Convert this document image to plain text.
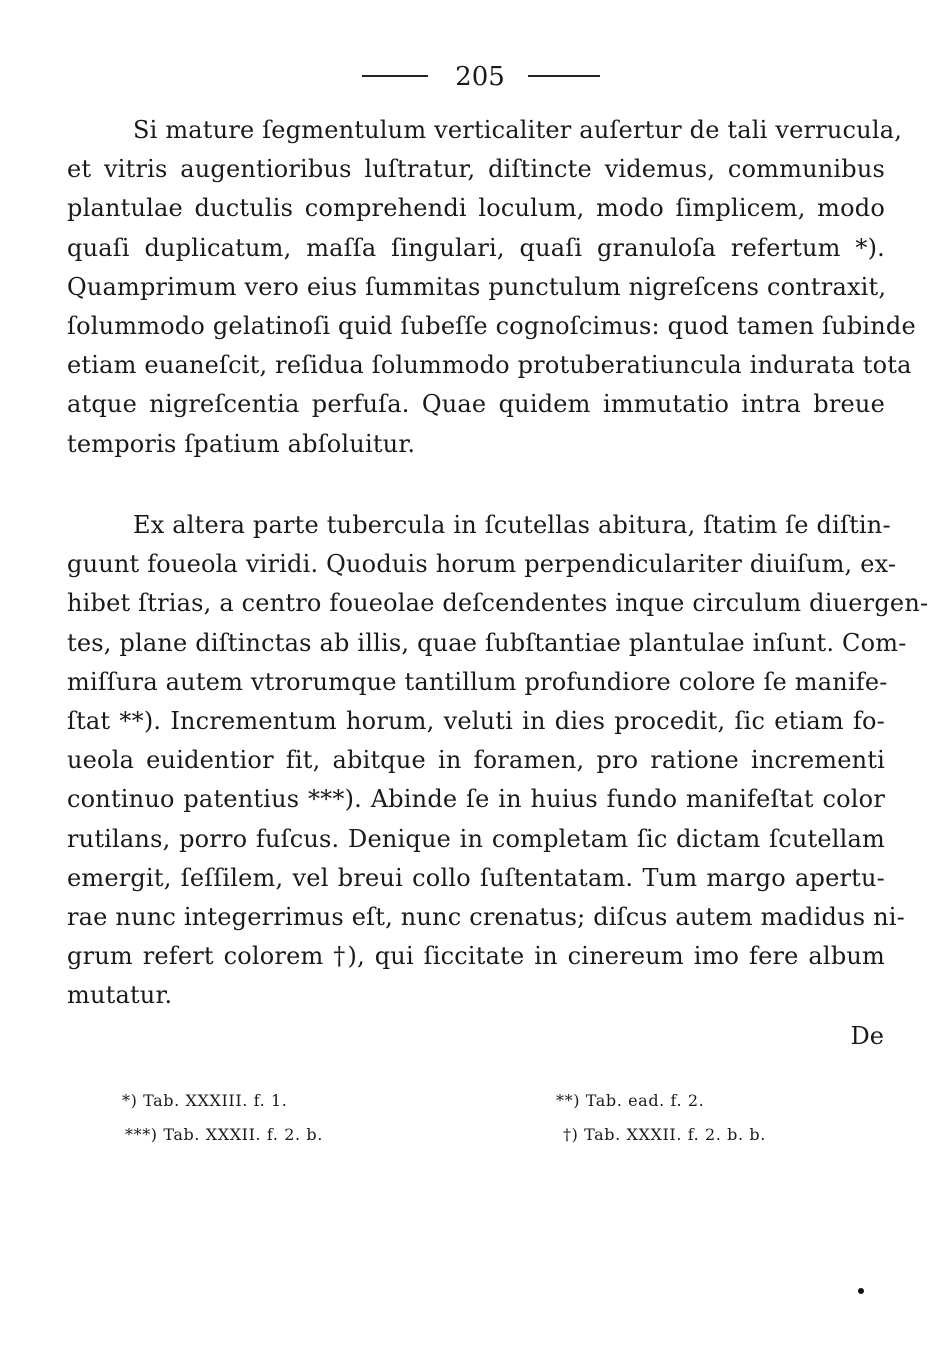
205

Si mature ſegmentulum verticaliter auſertur de tali verrucula,
et vitris augentioribus luſtratur, diſtincte videmus, communibus
plantulae ductulis comprehendi loculum, modo ſimplicem, modo
quaſi duplicatum, maſſa ſingulari, quaſi granuloſa refertum *).
Quamprimum vero eius ſummitas punctulum nigreſcens contraxit,
ſolummodo gelatinoſi quid ſubeſſe cognoſcimus: quod tamen ſubinde
etiam euaneſcit, reſidua ſolummodo protuberatiuncula indurata tota
atque nigreſcentia perfuſa. Quae quidem immutatio intra breue
temporis ſpatium abſoluitur.

Ex altera parte tubercula in ſcutellas abitura, ſtatim ſe diſtin-
guunt foueola viridi. Quoduis horum perpendiculariter diuiſum, ex-
hibet ſtrias, a centro foueolae deſcendentes inque circulum diuergen-
tes, plane diſtinctas ab illis, quae ſubſtantiae plantulae inſunt. Com-
miſſura autem vtrorumque tantillum profundiore colore ſe manife-
ſtat **). Incrementum horum, veluti in dies procedit, ſic etiam fo-
ueola euidentior fit, abitque in foramen, pro ratione incrementi
continuo patentius ***). Abinde ſe in huius fundo manifeſtat color
rutilans, porro fuſcus. Denique in completam ſic dictam ſcutellam
emergit, ſeſſilem, vel breui collo ſuſtentatam. Tum margo apertu-
rae nunc integerrimus eſt, nunc crenatus; diſcus autem madidus ni-
grum refert colorem †), qui ſiccitate in cinereum imo fere album
mutatur.

De
*) Tab. XXXIII. f. 1.	**) Tab. ead. f. 2.
***) Tab. XXXII. f. 2. b.	†) Tab. XXXII. f. 2. b. b.
